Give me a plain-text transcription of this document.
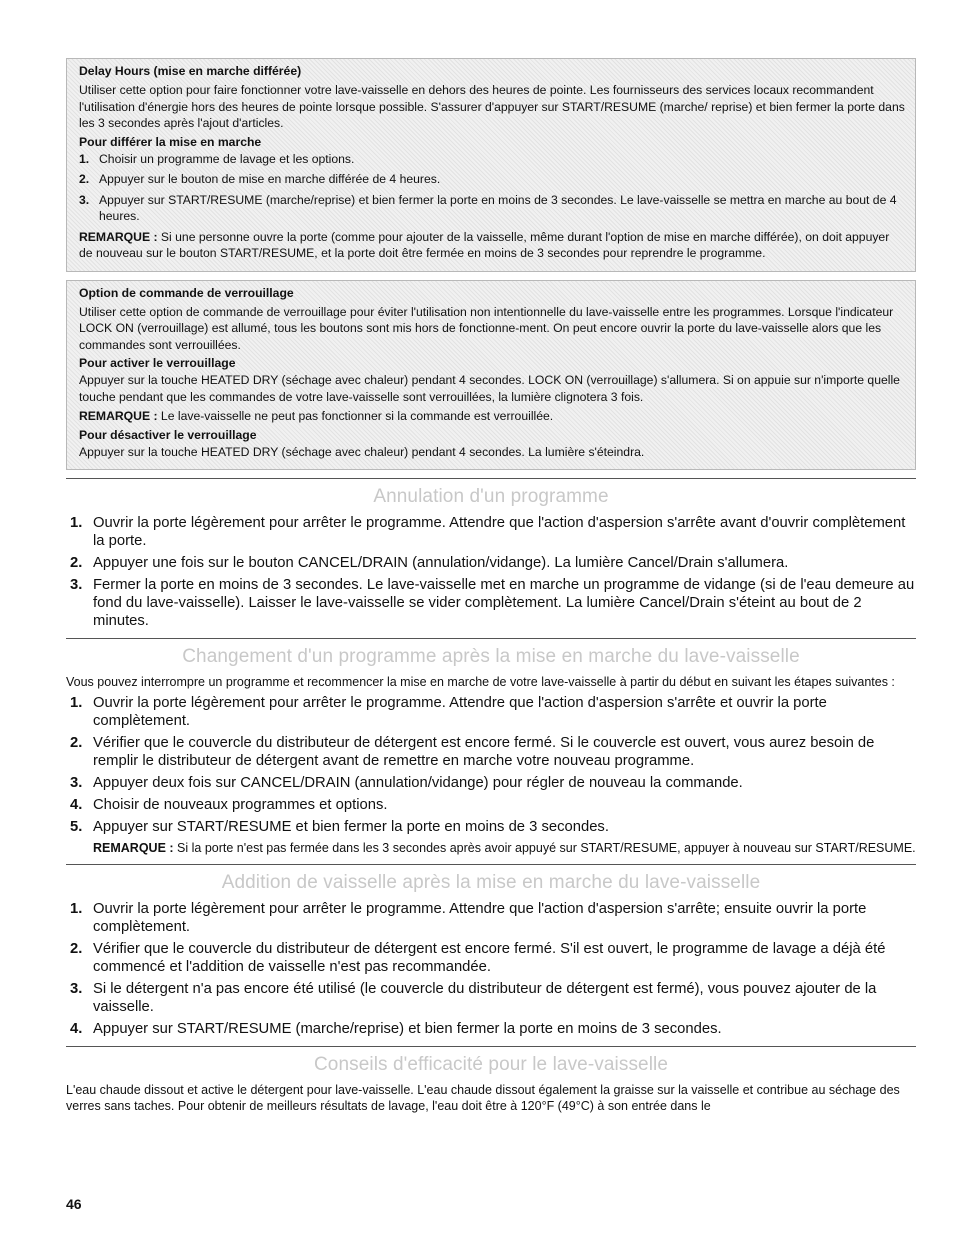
Delay Hours (mise en marche différée)

Utiliser cette option pour faire fonctionner votre lave-vaisselle en dehors des heures de pointe. Les fournisseurs des services locaux recommandent l'utilisation d'énergie hors des heures de pointe lorsque possible. S'assurer d'appuyer sur START/RESUME (marche/ reprise) et bien fermer la porte dans les 3 secondes après l'ajout d'articles.

Pour différer la mise en marche
1. Choisir un programme de lavage et les options.
2. Appuyer sur le bouton de mise en marche différée de 4 heures.
3. Appuyer sur START/RESUME (marche/reprise) et bien fermer la porte en moins de 3 secondes. Le lave-vaisselle se mettra en marche au bout de 4 heures.

REMARQUE : Si une personne ouvre la porte (comme pour ajouter de la vaisselle, même durant l'option de mise en marche différée), on doit appuyer de nouveau sur le bouton START/RESUME, et la porte doit être fermée en moins de 3 secondes pour reprendre le programme.

Option de commande de verrouillage

Utiliser cette option de commande de verrouillage pour éviter l'utilisation non intentionnelle du lave-vaisselle entre les programmes. Lorsque l'indicateur LOCK ON (verrouillage) est allumé, tous les boutons sont mis hors de fonctionne-ment. On peut encore ouvrir la porte du lave-vaisselle alors que les commandes sont verrouillées.

Pour activer le verrouillage

Appuyer sur la touche HEATED DRY (séchage avec chaleur) pendant 4 secondes. LOCK ON (verrouillage) s'allumera. Si on appuie sur n'importe quelle touche pendant que les commandes de votre lave-vaisselle sont verrouillées, la lumière clignotera 3 fois.

REMARQUE : Le lave-vaisselle ne peut pas fonctionner si la commande est verrouillée.

Pour désactiver le verrouillage

Appuyer sur la touche HEATED DRY (séchage avec chaleur) pendant 4 secondes. La lumière s'éteindra.

Annulation d'un programme
1. Ouvrir la porte légèrement pour arrêter le programme. Attendre que l'action d'aspersion s'arrête avant d'ouvrir complètement la porte.
2. Appuyer une fois sur le bouton CANCEL/DRAIN (annulation/vidange). La lumière Cancel/Drain s'allumera.
3. Fermer la porte en moins de 3 secondes. Le lave-vaisselle met en marche un programme de vidange (si de l'eau demeure au fond du lave-vaisselle). Laisser le lave-vaisselle se vider complètement. La lumière Cancel/Drain s'éteint au bout de 2 minutes.
Changement d'un programme après la mise en marche du lave-vaisselle

Vous pouvez interrompre un programme et recommencer la mise en marche de votre lave-vaisselle à partir du début en suivant les étapes suivantes :

1. Ouvrir la porte légèrement pour arrêter le programme. Attendre que l'action d'aspersion s'arrête et ouvrir la porte complètement.
2. Vérifier que le couvercle du distributeur de détergent est encore fermé. Si le couvercle est ouvert, vous aurez besoin de remplir le distributeur de détergent avant de remettre en marche votre nouveau programme.
3. Appuyer deux fois sur CANCEL/DRAIN (annulation/vidange) pour régler de nouveau la commande.
4. Choisir de nouveaux programmes et options.
5. Appuyer sur START/RESUME et bien fermer la porte en moins de 3 secondes.

REMARQUE : Si la porte n'est pas fermée dans les 3 secondes après avoir appuyé sur START/RESUME, appuyer à nouveau sur START/RESUME.

Addition de vaisselle après la mise en marche du lave-vaisselle
1. Ouvrir la porte légèrement pour arrêter le programme. Attendre que l'action d'aspersion s'arrête; ensuite ouvrir la porte complètement.
2. Vérifier que le couvercle du distributeur de détergent est encore fermé. S'il est ouvert, le programme de lavage a déjà été commencé et l'addition de vaisselle n'est pas recommandée.
3. Si le détergent n'a pas encore été utilisé (le couvercle du distributeur de détergent est fermé), vous pouvez ajouter de la vaisselle.
4. Appuyer sur START/RESUME (marche/reprise) et bien fermer la porte en moins de 3 secondes.
Conseils d'efficacité pour le lave-vaisselle

L'eau chaude dissout et active le détergent pour lave-vaisselle. L'eau chaude dissout également la graisse sur la vaisselle et contribue au séchage des verres sans taches. Pour obtenir de meilleurs résultats de lavage, l'eau doit être à 120°F (49°C) à son entrée dans le

46
